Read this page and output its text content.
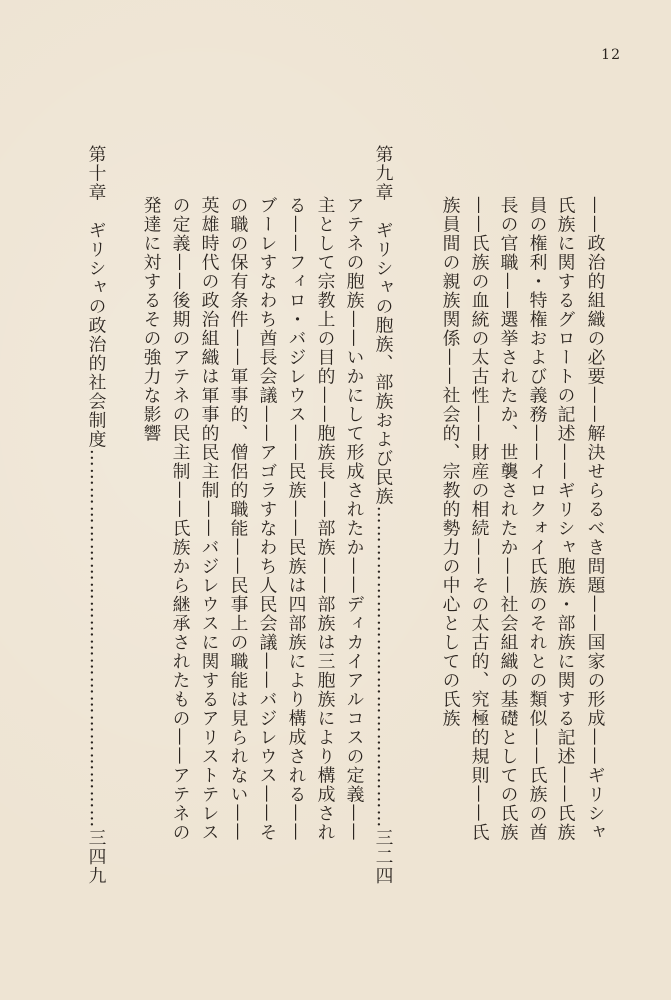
12
——政治的組織の必要——解決せらるべき問題——国家の形成——ギリシャ
氏族に関するグロートの記述——ギリシャ胞族・部族に関する記述——氏族
員の権利・特権および義務——イロクォイ氏族のそれとの類似——氏族の酋
長の官職——選挙されたか、世襲されたか——社会組織の基礎としての氏族
——氏族の血統の太古性——財産の相続——その太古的、究極的規則——氏
族員間の親族関係——社会的、宗教的勢力の中心としての氏族
第九章　ギリシャの胞族、部族および民族……………………………………………三二四
アテネの胞族——いかにして形成されたか——ディカイアルコスの定義——
主として宗教上の目的——胞族長——部族——部族は三胞族により構成され
る——フィロ・バジレウス——民族——民族は四部族により構成される——
ブーレすなわち酋長会議——アゴラすなわち人民会議——バジレウス——そ
の職の保有条件——軍事的、僧侶的職能——民事上の職能は見られない——
英雄時代の政治組織は軍事的民主制——バジレウスに関するアリストテレス
の定義——後期のアテネの民主制——氏族から継承されたもの——アテネの
発達に対するその強力な影響
第十章　ギリシャの政治的社会制度……………………………………………………三四九
